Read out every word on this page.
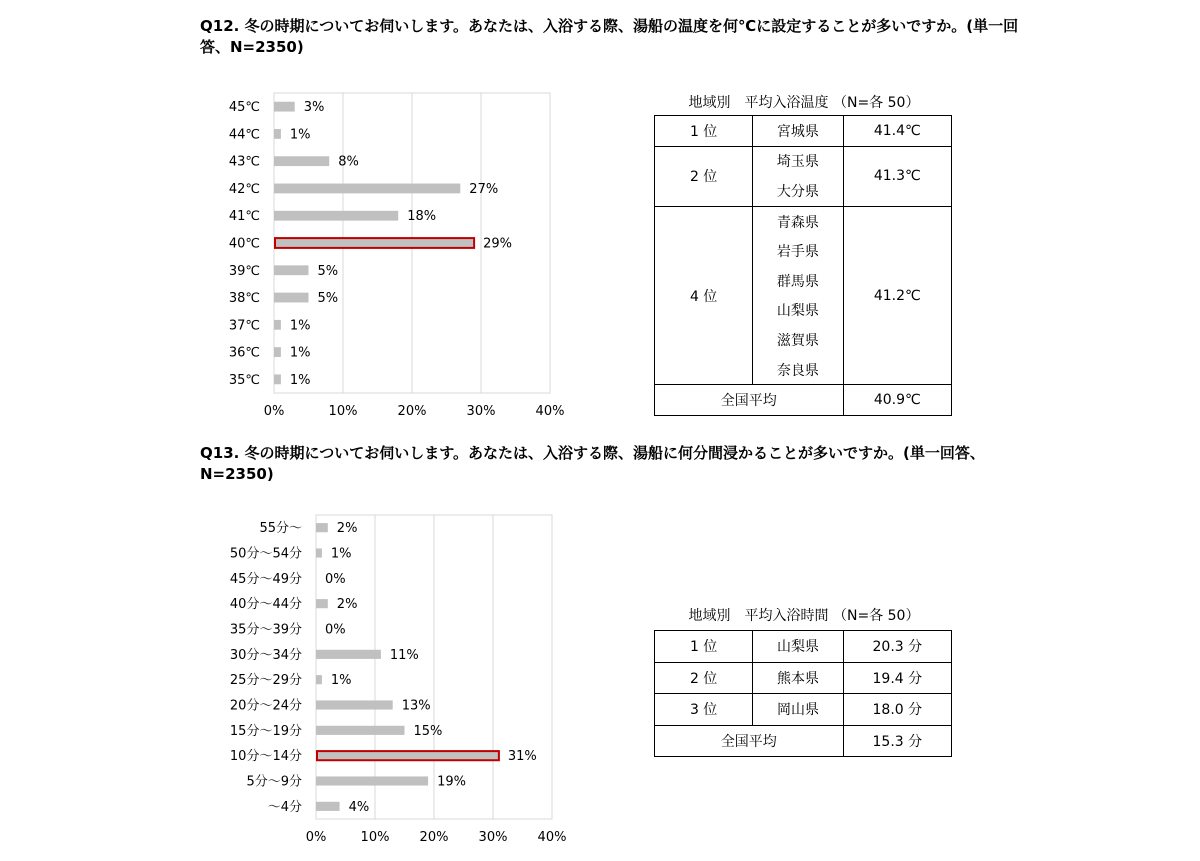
Q12. 冬の時期についてお伺いします。あなたは、入浴する際、湯船の温度を何℃に設定することが多いですか。(単一回答、N=2350)

0%	10%	20%	30%	40%
45℃	3%
44℃ 1%
43℃	8%
42℃	27%
41℃	18%
40℃	29%
39℃	5%
38℃	5%
37℃ 1%
36℃ 1%
35℃ 1%
地域別　平均入浴温度 （N=各 50）
1 位	宮城県	41.4℃
2 位	埼玉県	41.3℃
	大分県	
4 位	青森県	41.2℃
	岩手県	
	群馬県	
	山梨県	
	滋賀県	
	奈良県	
全国平均		40.9℃

Q13. 冬の時期についてお伺いします。あなたは、入浴する際、湯船に何分間浸かることが多いですか。(単一回答、N=2350)

0%	10% 20% 30% 40%
55分～	2%
50分～54分 1%
45分～49分 0%
40分～44分	2%
35分～39分 0%
30分～34分	11%
25分～29分 1%
20分～24分	13%
15分～19分	15%
10分～14分	31%
5分～9分	19%
～4分	4%
地域別　平均入浴時間 （N=各 50）
1 位	山梨県	20.3 分
2 位	熊本県	19.4 分
3 位	岡山県	18.0 分
全国平均		15.3 分
